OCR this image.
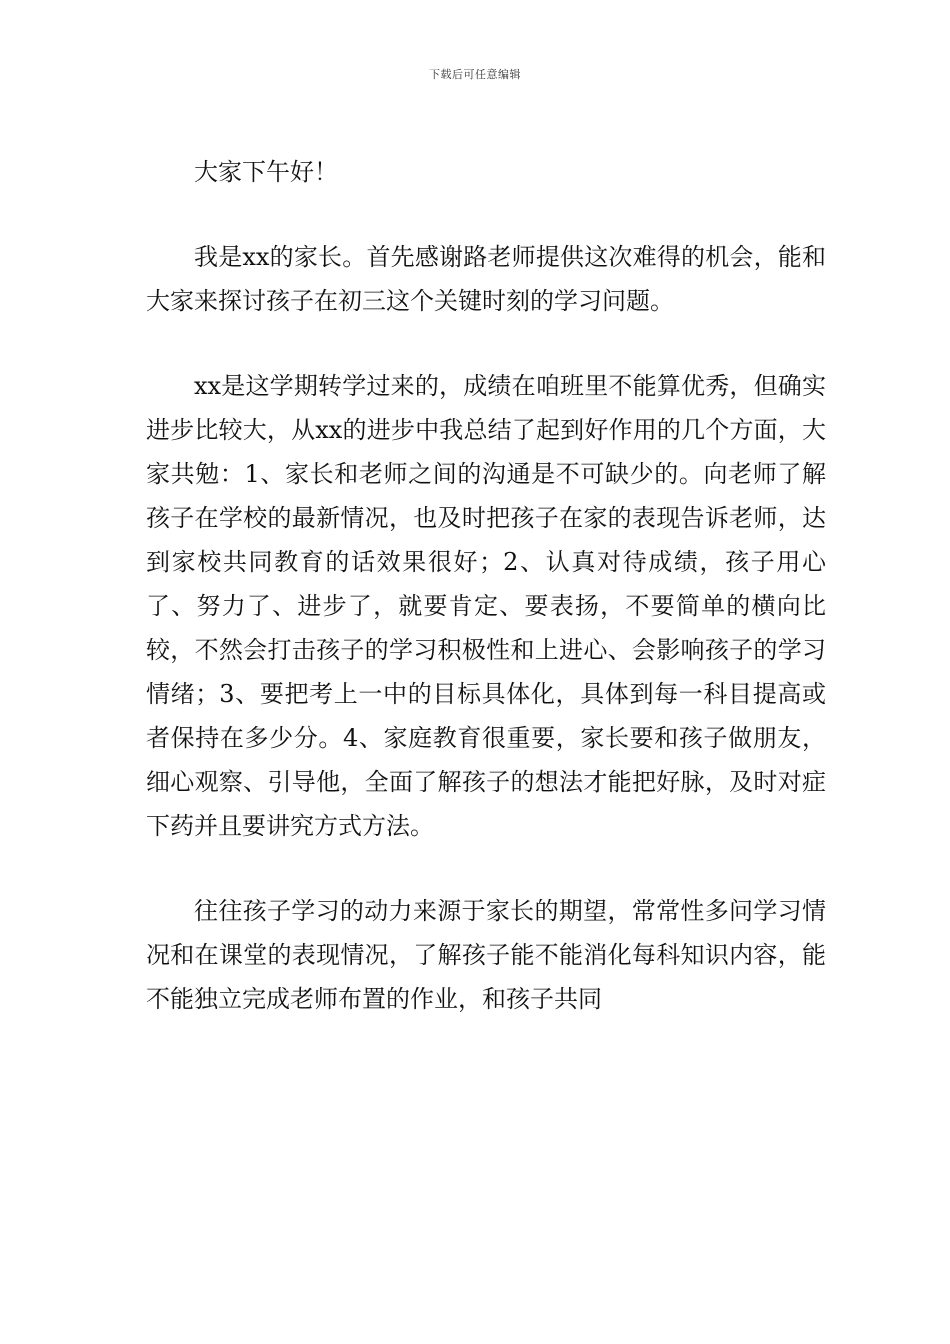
下载后可任意编辑

大家下午好！

我是xx的家长。首先感谢路老师提供这次难得的机会，能和大家来探讨孩子在初三这个关键时刻的学习问题。

xx是这学期转学过来的，成绩在咱班里不能算优秀，但确实进步比较大，从xx的进步中我总结了起到好作用的几个方面，大家共勉：1、家长和老师之间的沟通是不可缺少的。向老师了解孩子在学校的最新情况，也及时把孩子在家的表现告诉老师，达到家校共同教育的话效果很好；2、认真对待成绩，孩子用心了、努力了、进步了，就要肯定、要表扬，不要简单的横向比较，不然会打击孩子的学习积极性和上进心、会影响孩子的学习情绪；3、要把考上一中的目标具体化，具体到每一科目提高或者保持在多少分。4、家庭教育很重要，家长要和孩子做朋友，细心观察、引导他，全面了解孩子的想法才能把好脉，及时对症下药并且要讲究方式方法。

往往孩子学习的动力来源于家长的期望，常常性多问学习情况和在课堂的表现情况，了解孩子能不能消化每科知识内容，能不能独立完成老师布置的作业，和孩子共同
